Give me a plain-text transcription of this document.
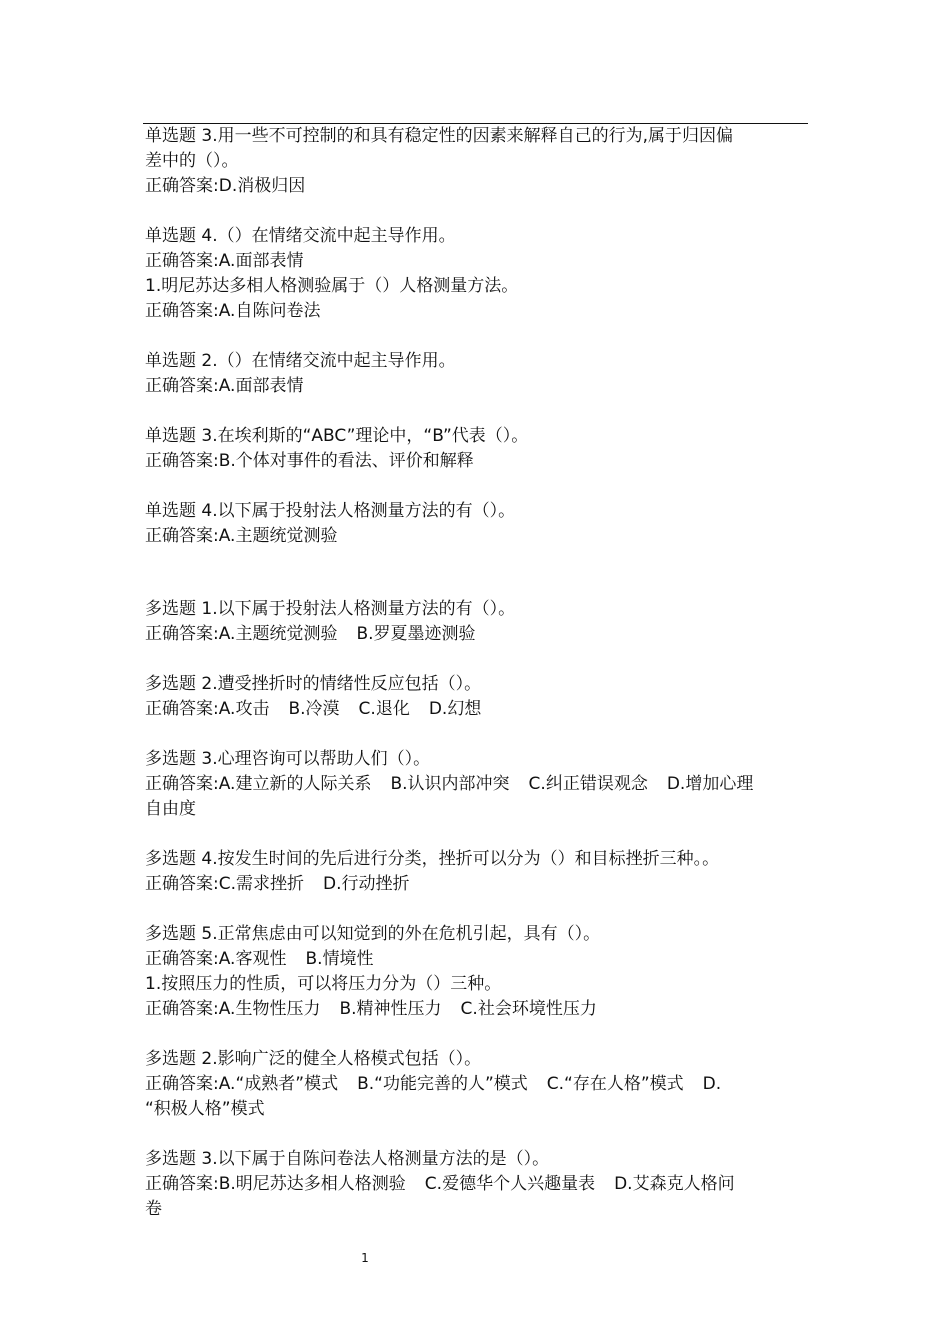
单选题 3.用一些不可控制的和具有稳定性的因素来解释自己的行为,属于归因偏
差中的（）。
正确答案:D.消极归因
单选题 4.（）在情绪交流中起主导作用。
正确答案:A.面部表情
1.明尼苏达多相人格测验属于（）人格测量方法。
正确答案:A.自陈问卷法
单选题 2.（）在情绪交流中起主导作用。
正确答案:A.面部表情
单选题 3.在埃利斯的“ABC”理论中，“B”代表（）。
正确答案:B.个体对事件的看法、评价和解释
单选题 4.以下属于投射法人格测量方法的有（）。
正确答案:A.主题统觉测验
多选题 1.以下属于投射法人格测量方法的有（）。
正确答案:A.主题统觉测验 B.罗夏墨迹测验
多选题 2.遭受挫折时的情绪性反应包括（）。
正确答案:A.攻击 B.冷漠 C.退化 D.幻想
多选题 3.心理咨询可以帮助人们（）。
正确答案:A.建立新的人际关系 B.认识内部冲突 C.纠正错误观念 D.增加心理
自由度
多选题 4.按发生时间的先后进行分类，挫折可以分为（）和目标挫折三种。。
正确答案:C.需求挫折 D.行动挫折
多选题 5.正常焦虑由可以知觉到的外在危机引起，具有（）。
正确答案:A.客观性 B.情境性
1.按照压力的性质，可以将压力分为（）三种。
正确答案:A.生物性压力 B.精神性压力 C.社会环境性压力
多选题 2.影响广泛的健全人格模式包括（）。
正确答案:A.“成熟者”模式 B.“功能完善的人”模式 C.“存在人格”模式 D.
“积极人格”模式
多选题 3.以下属于自陈问卷法人格测量方法的是（）。
正确答案:B.明尼苏达多相人格测验 C.爱德华个人兴趣量表 D.艾森克人格问
卷
1
